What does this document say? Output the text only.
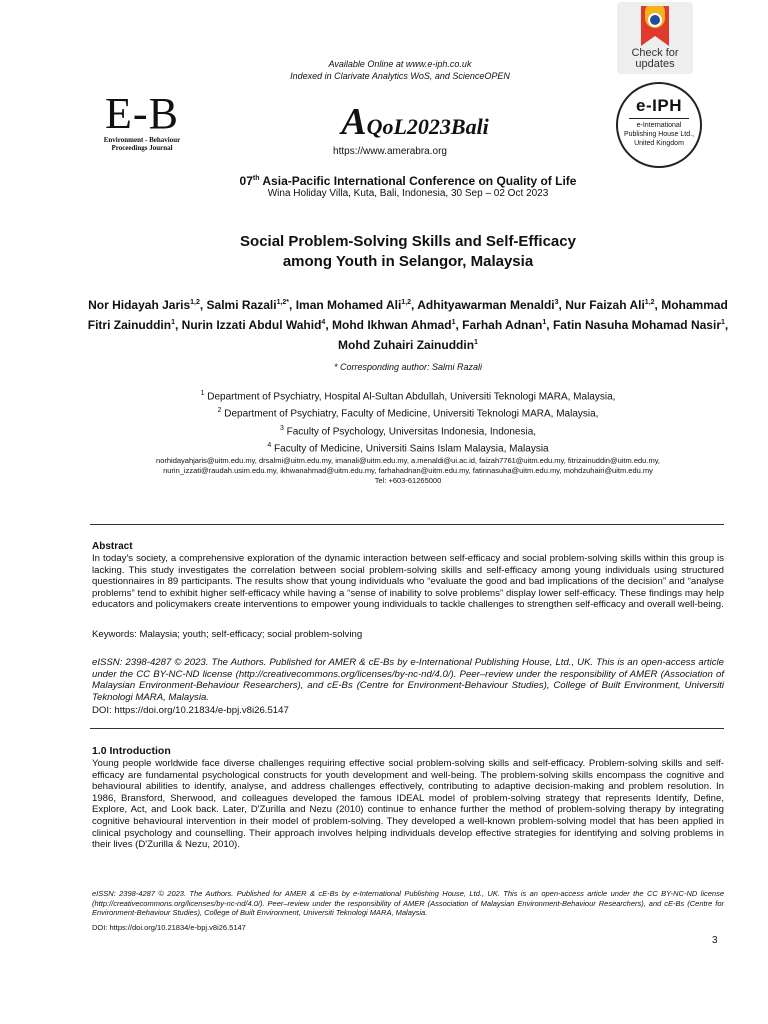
Available Online at www.e-iph.co.uk
Indexed in Clarivate Analytics WoS, and ScienceOPEN
E-B
Environment - Behaviour
Proceedings Journal
AQoL2023Bali
https://www.amerabra.org
Check for updates
e-IPH
e-International
Publishing House Ltd.,
United Kingdom
07th Asia-Pacific International Conference on Quality of Life
Wina Holiday Villa, Kuta, Bali, Indonesia, 30 Sep – 02 Oct 2023
Social Problem-Solving Skills and Self-Efficacy
among Youth in Selangor, Malaysia
Nor Hidayah Jaris$^{1,2}$, Salmi Razali$^{1,2*}$, Iman Mohamed Ali$^{1,2}$, Adhityawarman Menaldi$^3$, Nur Faizah Ali$^{1,2}$, Mohammad Fitri Zainuddin$^1$, Nurin Izzati Abdul Wahid$^4$, Mohd Ikhwan Ahmad$^1$, Farhah Adnan$^1$, Fatin Nasuha Mohamad Nasir$^1$, Mohd Zuhairi Zainuddin$^1$
* Corresponding author: Salmi Razali
$^1$ Department of Psychiatry, Hospital Al-Sultan Abdullah, Universiti Teknologi MARA, Malaysia,
$^2$ Department of Psychiatry, Faculty of Medicine, Universiti Teknologi MARA, Malaysia,
$^3$ Faculty of Psychology, Universitas Indonesia, Indonesia,
$^4$ Faculty of Medicine, Universiti Sains Islam Malaysia, Malaysia
norhidayahjaris@uitm.edu.my, drsalmi@uitm.edu.my, imanali@uitm.edu.my, a.menaldi@ui.ac.id, faizah7761@uitm.edu.my, fitrizainuddin@uitm.edu.my,
nurin_izzati@raudah.usim.edu.my, ikhwanahmad@uitm.edu.my, farhahadnan@uitm.edu.my, fatinnasuha@uitm.edu.my, mohdzuhairi@uitm.edu.my
Tel: +603-61265000
Abstract
In today's society, a comprehensive exploration of the dynamic interaction between self-efficacy and social problem-solving skills within this group is lacking. This study investigates the correlation between social problem-solving skills and self-efficacy among young individuals using structured questionnaires in 89 participants. The results show that young individuals who “evaluate the good and bad implications of the decision” and “analyse problems” tend to exhibit higher self-efficacy while having a “sense of inability to solve problems” display lower self-efficacy. These findings may help educators and policymakers create interventions to empower young individuals to tackle challenges to strengthen self-efficacy and overall well-being.
Keywords: Malaysia; youth; self-efficacy; social problem-solving
eISSN: 2398-4287 © 2023. The Authors. Published for AMER & cE-Bs by e-International Publishing House, Ltd., UK. This is an open-access article under the CC BY-NC-ND license (http://creativecommons.org/licenses/by-nc-nd/4.0/). Peer–review under the responsibility of AMER (Association of Malaysian Environment-Behaviour Researchers), and cE-Bs (Centre for Environment-Behaviour Studies), College of Built Environment, Universiti Teknologi MARA, Malaysia.
DOI: https://doi.org/10.21834/e-bpj.v8i26.5147
1.0 Introduction
Young people worldwide face diverse challenges requiring effective social problem-solving skills and self-efficacy. Problem-solving skills and self-efficacy are fundamental psychological constructs for youth development and well-being. The problem-solving skills encompass the cognitive and behavioural abilities to identify, analyse, and address challenges effectively, contributing to adaptive decision-making and problem resolution. In 1986, Bransford, Sherwood, and colleagues developed the famous IDEAL model of problem-solving strategy that represents Identify, Define, Explore, Act, and Look back. Later, D'Zurilla and Nezu (2010) continue to enhance further the method of problem-solving therapy by integrating cognitive behavioural intervention in their model of problem-solving. They developed a well-known problem-solving model that has been applied in clinical psychology and counselling. Their approach involves helping individuals develop effective strategies for identifying and solving problems in their lives (D'Zurilla & Nezu, 2010).
eISSN: 2398-4287 © 2023. The Authors. Published for AMER & cE-Bs by e-International Publishing House, Ltd., UK. This is an open-access article under the CC BY-NC-ND license (http://creativecommons.org/licenses/by-nc-nd/4.0/). Peer–review under the responsibility of AMER (Association of Malaysian Environment-Behaviour Researchers), and cE-Bs (Centre for Environment-Behaviour Studies), College of Built Environment, Universiti Teknologi MARA, Malaysia.
DOI: https://doi.org/10.21834/e-bpj.v8i26.5147
3
